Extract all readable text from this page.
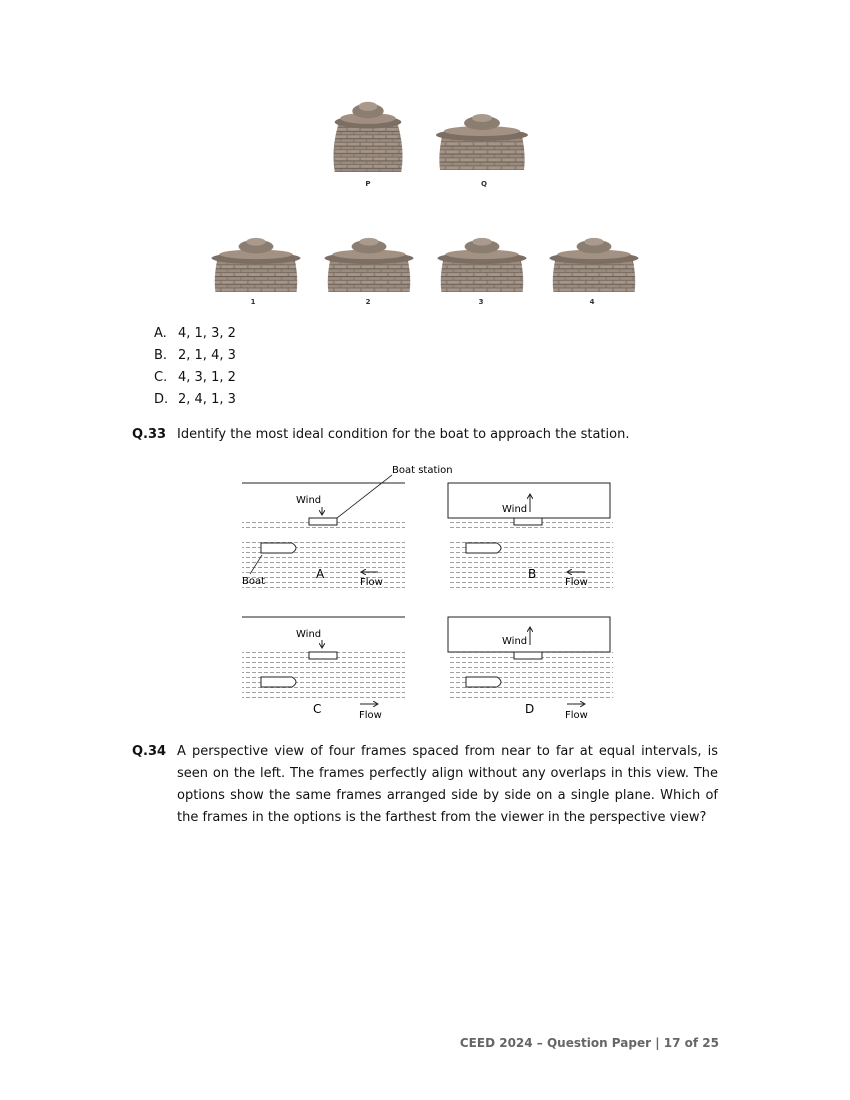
P	Q
1	2	3	4
A. 4, 1, 3, 2
B. 2, 1, 4, 3
C. 4, 3, 1, 2
D. 2, 4, 1, 3
Q.33 Identify the most ideal condition for the boat to approach the station.
Boat station
Wind
Wind
Wind
Wind
Boat	Flow	Flow
Flow	Flow
A	B
C	D
Q.34 A perspective view of four frames spaced from near to far at equal intervals, is seen on the left. The frames perfectly align without any overlaps in this view. The options show the same frames arranged side by side on a single plane. Which of the frames in the options is the farthest from the viewer in the perspective view?
CEED 2024 – Question Paper | 17 of 25
